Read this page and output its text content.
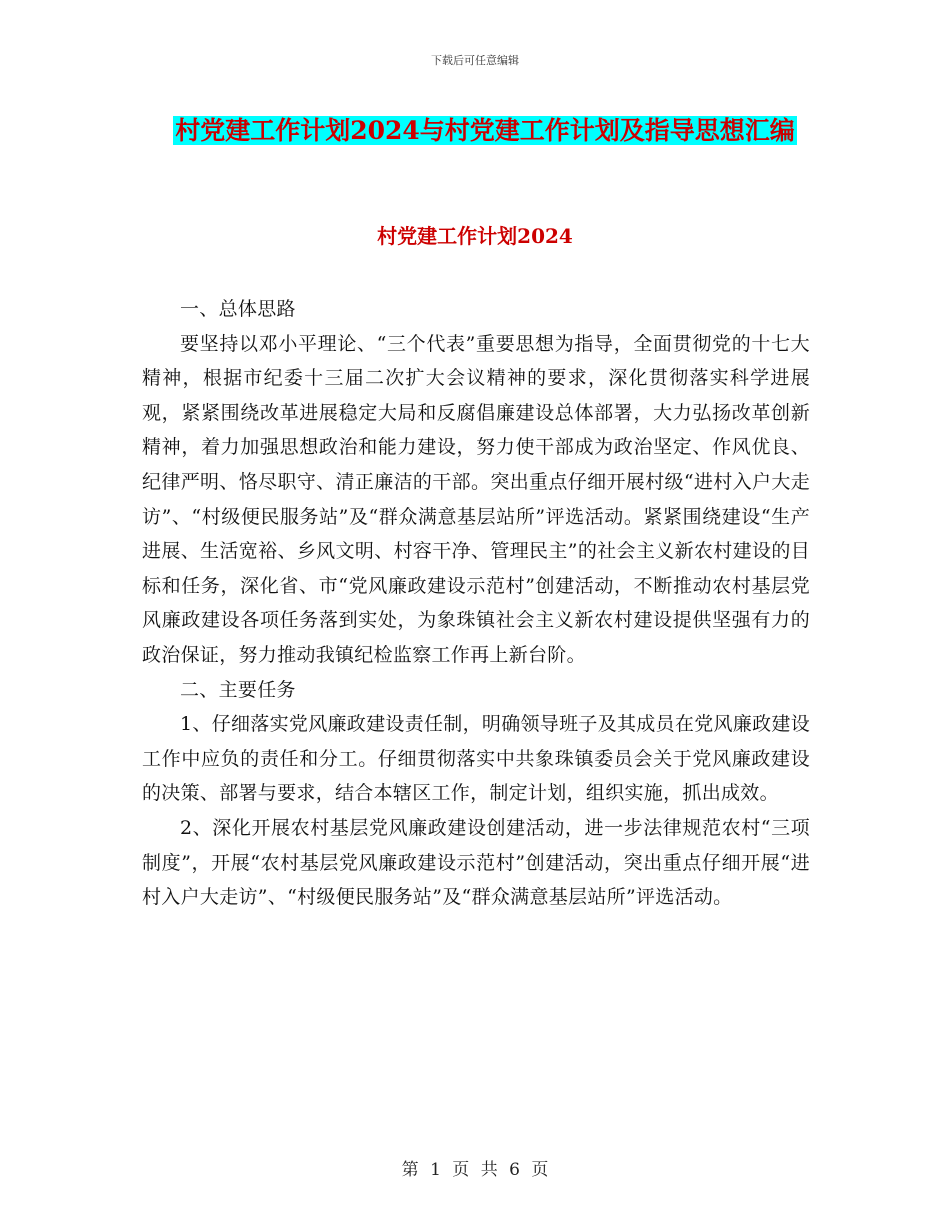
下载后可任意编辑
村党建工作计划2024与村党建工作计划及指导思想汇编
村党建工作计划2024

一、总体思路

要坚持以邓小平理论、“三个代表”重要思想为指导，全面贯彻党的十七大精神，根据市纪委十三届二次扩大会议精神的要求，深化贯彻落实科学进展观，紧紧围绕改革进展稳定大局和反腐倡廉建设总体部署，大力弘扬改革创新精神，着力加强思想政治和能力建设，努力使干部成为政治坚定、作风优良、纪律严明、恪尽职守、清正廉洁的干部。突出重点仔细开展村级“进村入户大走访”、“村级便民服务站”及“群众满意基层站所”评选活动。紧紧围绕建设“生产进展、生活宽裕、乡风文明、村容干净、管理民主”的社会主义新农村建设的目标和任务，深化省、市“党风廉政建设示范村”创建活动，不断推动农村基层党风廉政建设各项任务落到实处，为象珠镇社会主义新农村建设提供坚强有力的政治保证，努力推动我镇纪检监察工作再上新台阶。

二、主要任务

1、仔细落实党风廉政建设责任制，明确领导班子及其成员在党风廉政建设工作中应负的责任和分工。仔细贯彻落实中共象珠镇委员会关于党风廉政建设的决策、部署与要求，结合本辖区工作，制定计划，组织实施，抓出成效。

2、深化开展农村基层党风廉政建设创建活动，进一步法律规范农村“三项制度”，开展“农村基层党风廉政建设示范村”创建活动，突出重点仔细开展“进村入户大走访”、“村级便民服务站”及“群众满意基层站所”评选活动。

第 1 页 共 6 页
